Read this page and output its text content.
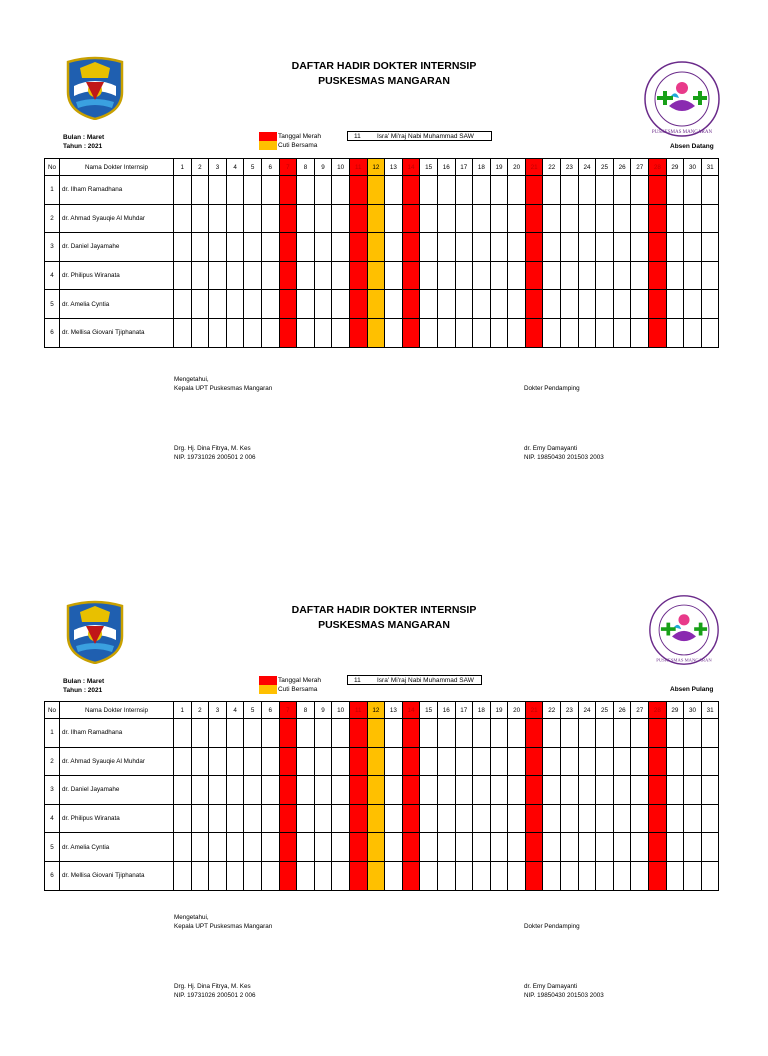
DAFTAR HADIR DOKTER INTERNSIP
PUSKESMAS MANGARAN
PUSKESMAS MANGARAN
Bulan : Maret
Tahun : 2021
Tanggal Merah
Cuti Bersama
11	Isra' Mi'raj Nabi Muhammad SAW
Absen Datang
No	Nama Dokter Internsip	1	2	3	4	5	6	7	8	9	10	11	12	13	14	15	16	17	18	19	20	21	22	23	24	25	26	27	28	29	30	31
1	dr. Ilham Ramadhana																															
2	dr. Ahmad Syauqie Al Muhdar																															
3	dr. Daniel Jayamahe																															
4	dr. Philipus Wiranata																															
5	dr. Amelia Cyntia																															
6	dr. Mellisa Giovani Tjiphanata																															
Mengetahui,
Kepala UPT Puskesmas Mangaran	Dokter Pendamping
Drg. Hj. Dina Fitrya, M. Kes
NIP. 19731026 200501 2 006
dr. Emy Damayanti
NIP. 19850430 201503 2003
DAFTAR HADIR DOKTER INTERNSIP
PUSKESMAS MANGARAN
PUSKESMAS MANGARAN
Bulan : Maret
Tahun : 2021
Tanggal Merah
Cuti Bersama
11	Isra' Mi'raj Nabi Muhammad SAW
Absen Pulang
No	Nama Dokter Internsip	1	2	3	4	5	6	7	8	9	10	11	12	13	14	15	16	17	18	19	20	21	22	23	24	25	26	27	28	29	30	31
1	dr. Ilham Ramadhana																															
2	dr. Ahmad Syauqie Al Muhdar																															
3	dr. Daniel Jayamahe																															
4	dr. Philipus Wiranata																															
5	dr. Amelia Cyntia																															
6	dr. Mellisa Giovani Tjiphanata																															
Mengetahui,
Kepala UPT Puskesmas Mangaran	Dokter Pendamping
Drg. Hj. Dina Fitrya, M. Kes
NIP. 19731026 200501 2 006
dr. Emy Damayanti
NIP. 19850430 201503 2003
